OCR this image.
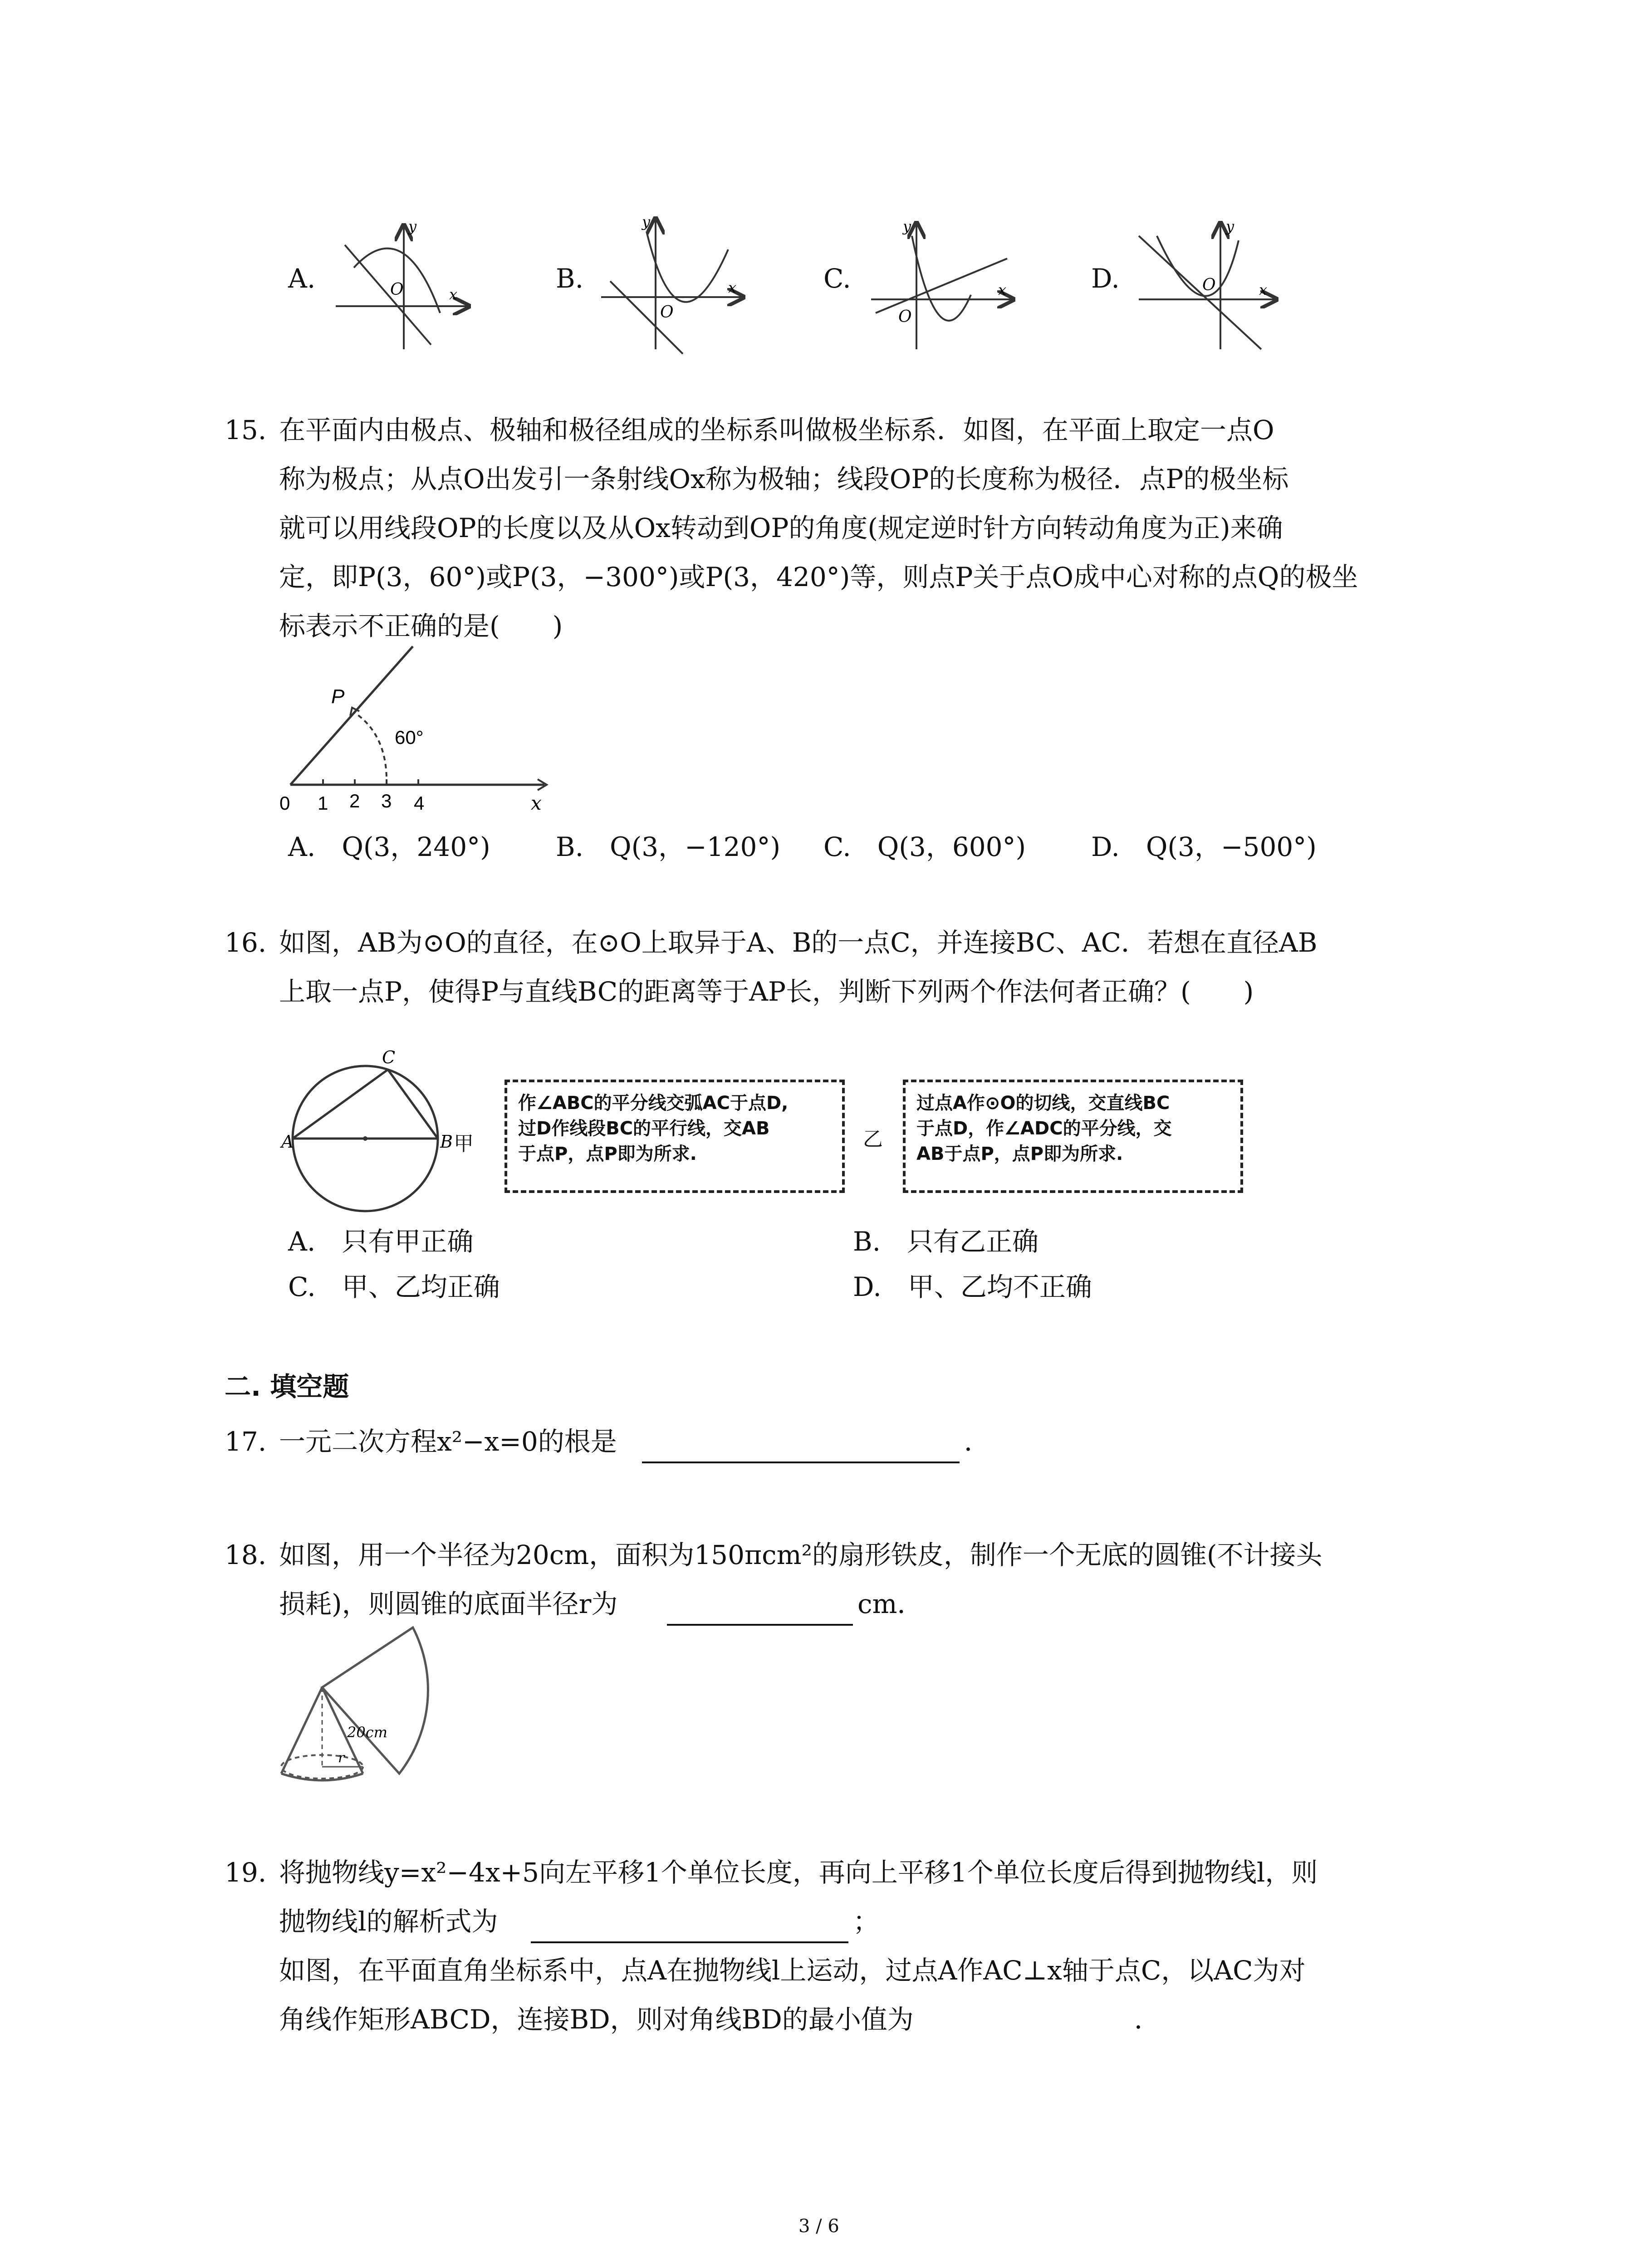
A.	O
y
x
B.
O
y
x	C.
O
y
x	D.	O
y
x
15. 在平面内由极点、极轴和极径组成的坐标系叫做极坐标系．如图，在平面上取定一点O
称为极点；从点O出发引一条射线Ox称为极轴；线段OP的长度称为极径．点P的极坐标
就可以用线段OP的长度以及从Ox转动到OP的角度(规定逆时针方向转动角度为正)来确
定，即P(3，60°)或P(3，−300°)或P(3，420°)等，则点P关于点O成中心对称的点Q的极坐
标表示不正确的是(　　)
P
60°
0 1 2 3 4	x
A.　Q(3，240°) B.　Q(3，−120°) C.　Q(3，600°) D.　Q(3，−500°)
16. 如图，AB为⊙O的直径，在⊙O上取异于A、B的一点C，并连接BC、AC．若想在直径AB
上取一点P，使得P与直线BC的距离等于AP长，判断下列两个作法何者正确？(　　)
A	B
C
甲
作∠ABC的平分线交弧AC于点D,
过D作线段BC的平行线，交AB
于点P，点P即为所求.
乙
过点A作⊙O的切线，交直线BC
于点D，作∠ADC的平分线，交
AB于点P，点P即为所求.
A.　只有甲正确	B.　只有乙正确
C.　甲、乙均正确	D.　甲、乙均不正确
二. 填空题
17. 一元二次方程x²−x=0的根是	．
18. 如图，用一个半径为20cm，面积为150πcm²的扇形铁皮，制作一个无底的圆锥(不计接头
损耗)，则圆锥的底面半径r为	cm．
20cm
r
19. 将抛物线y=x²−4x+5向左平移1个单位长度，再向上平移1个单位长度后得到抛物线l，则
抛物线l的解析式为	；
如图，在平面直角坐标系中，点A在抛物线l上运动，过点A作AC⊥x轴于点C，以AC为对
角线作矩形ABCD，连接BD，则对角线BD的最小值为	．
3 / 6
